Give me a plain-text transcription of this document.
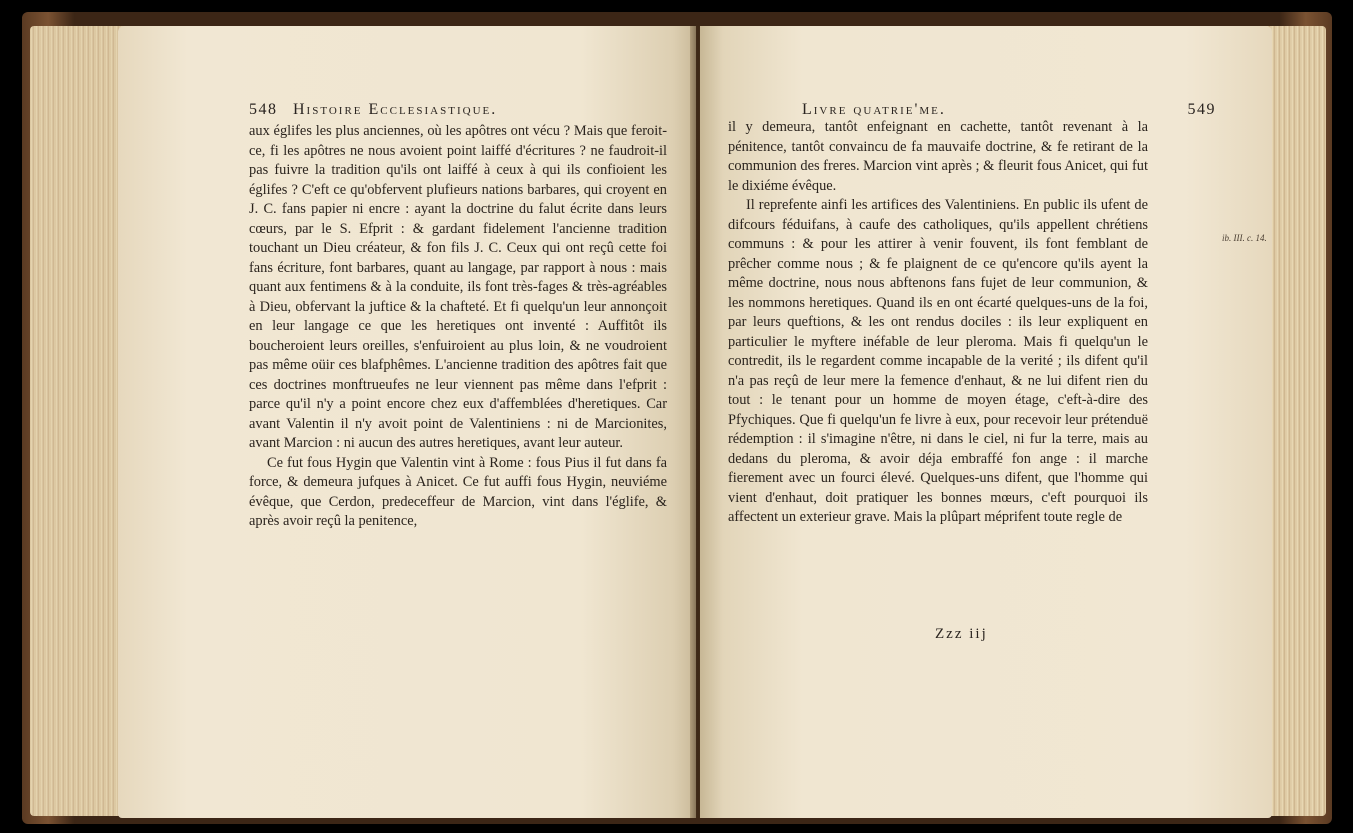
548 Histoire Ecclesiastique.

aux églifes les plus anciennes, où les apôtres ont vécu ? Mais que feroit-ce, fi les apôtres ne nous avoient point laiffé d'écritures ? ne faudroit-il pas fuivre la tradition qu'ils ont laiffé à ceux à qui ils confioient les églifes ? C'eft ce qu'obfervent plufieurs nations barbares, qui croyent en J. C. fans papier ni encre : ayant la doctrine du falut écrite dans leurs cœurs, par le S. Efprit : & gardant fidelement l'ancienne tradition touchant un Dieu créateur, & fon fils J. C. Ceux qui ont reçû cette foi fans écriture, font barbares, quant au langage, par rapport à nous : mais quant aux fentimens & à la conduite, ils font très-fages & très-agréables à Dieu, obfervant la juftice & la chafteté. Et fi quelqu'un leur annonçoit en leur langage ce que les heretiques ont inventé : Auffitôt ils boucheroient leurs oreilles, s'enfuiroient au plus loin, & ne voudroient pas même oüir ces blafphêmes. L'ancienne tradition des apôtres fait que ces doctrines monftrueufes ne leur viennent pas même dans l'efprit : parce qu'il n'y a point encore chez eux d'affemblées d'heretiques. Car avant Valentin il n'y avoit point de Valentiniens : ni de Marcionites, avant Marcion : ni aucun des autres heretiques, avant leur auteur.

Ce fut fous Hygin que Valentin vint à Rome : fous Pius il fut dans fa force, & demeura jufques à Anicet. Ce fut auffi fous Hygin, neuviéme évêque, que Cerdon, predeceffeur de Marcion, vint dans l'églife, & après avoir reçû la penitence,

Livre quatrie'me.	549

il y demeura, tantôt enfeignant en cachette, tantôt revenant à la pénitence, tantôt convaincu de fa mauvaife doctrine, & fe retirant de la communion des freres. Marcion vint après ; & fleurit fous Anicet, qui fut le dixiéme évêque.

Il reprefente ainfi les artifices des Valentiniens. En public ils ufent de difcours féduifans, à caufe des catholiques, qu'ils appellent chrétiens communs : & pour les attirer à venir fouvent, ils font femblant de prêcher comme nous ; & fe plaignent de ce qu'encore qu'ils ayent la même doctrine, nous nous abftenons fans fujet de leur communion, & les nommons heretiques. Quand ils en ont écarté quelques-uns de la foi, par leurs queftions, & les ont rendus dociles : ils leur expliquent en particulier le myftere inéfable de leur pleroma. Mais fi quelqu'un le contredit, ils le regardent comme incapable de la verité ; ils difent qu'il n'a pas reçû de leur mere la femence d'enhaut, & ne lui difent rien du tout : le tenant pour un homme de moyen étage, c'eft-à-dire des Pfychiques. Que fi quelqu'un fe livre à eux, pour recevoir leur prétenduë rédemption : il s'imagine n'être, ni dans le ciel, ni fur la terre, mais au dedans du pleroma, & avoir déja embraffé fon ange : il marche fierement avec un fourci élevé. Quelques-uns difent, que l'homme qui vient d'enhaut, doit pratiquer les bonnes mœurs, c'eft pourquoi ils affectent un exterieur grave. Mais la plûpart méprifent toute regle de

ib. III. c. 14.
Zzz iij
